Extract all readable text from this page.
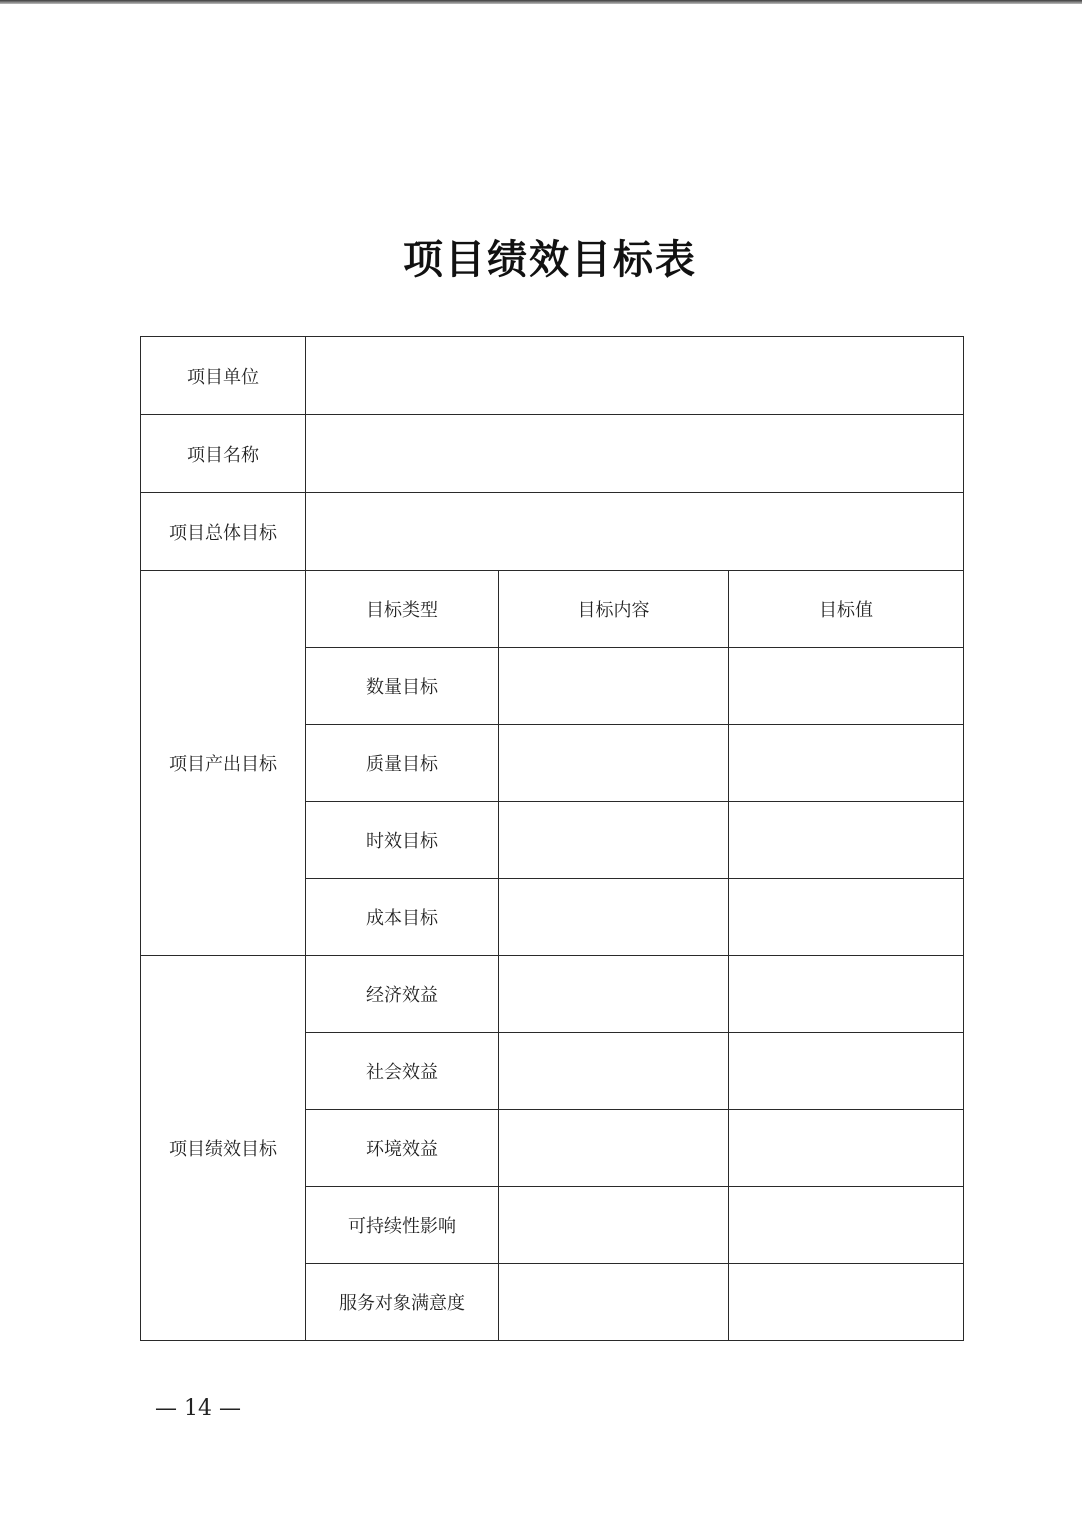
项目绩效目标表
项目单位			
项目名称			
项目总体目标			
项目产出目标	目标类型	目标内容	目标值
	数量目标		
	质量目标		
	时效目标		
	成本目标		
项目绩效目标	经济效益		
	社会效益		
	环境效益		
	可持续性影响		
	服务对象满意度		
— 14 —
